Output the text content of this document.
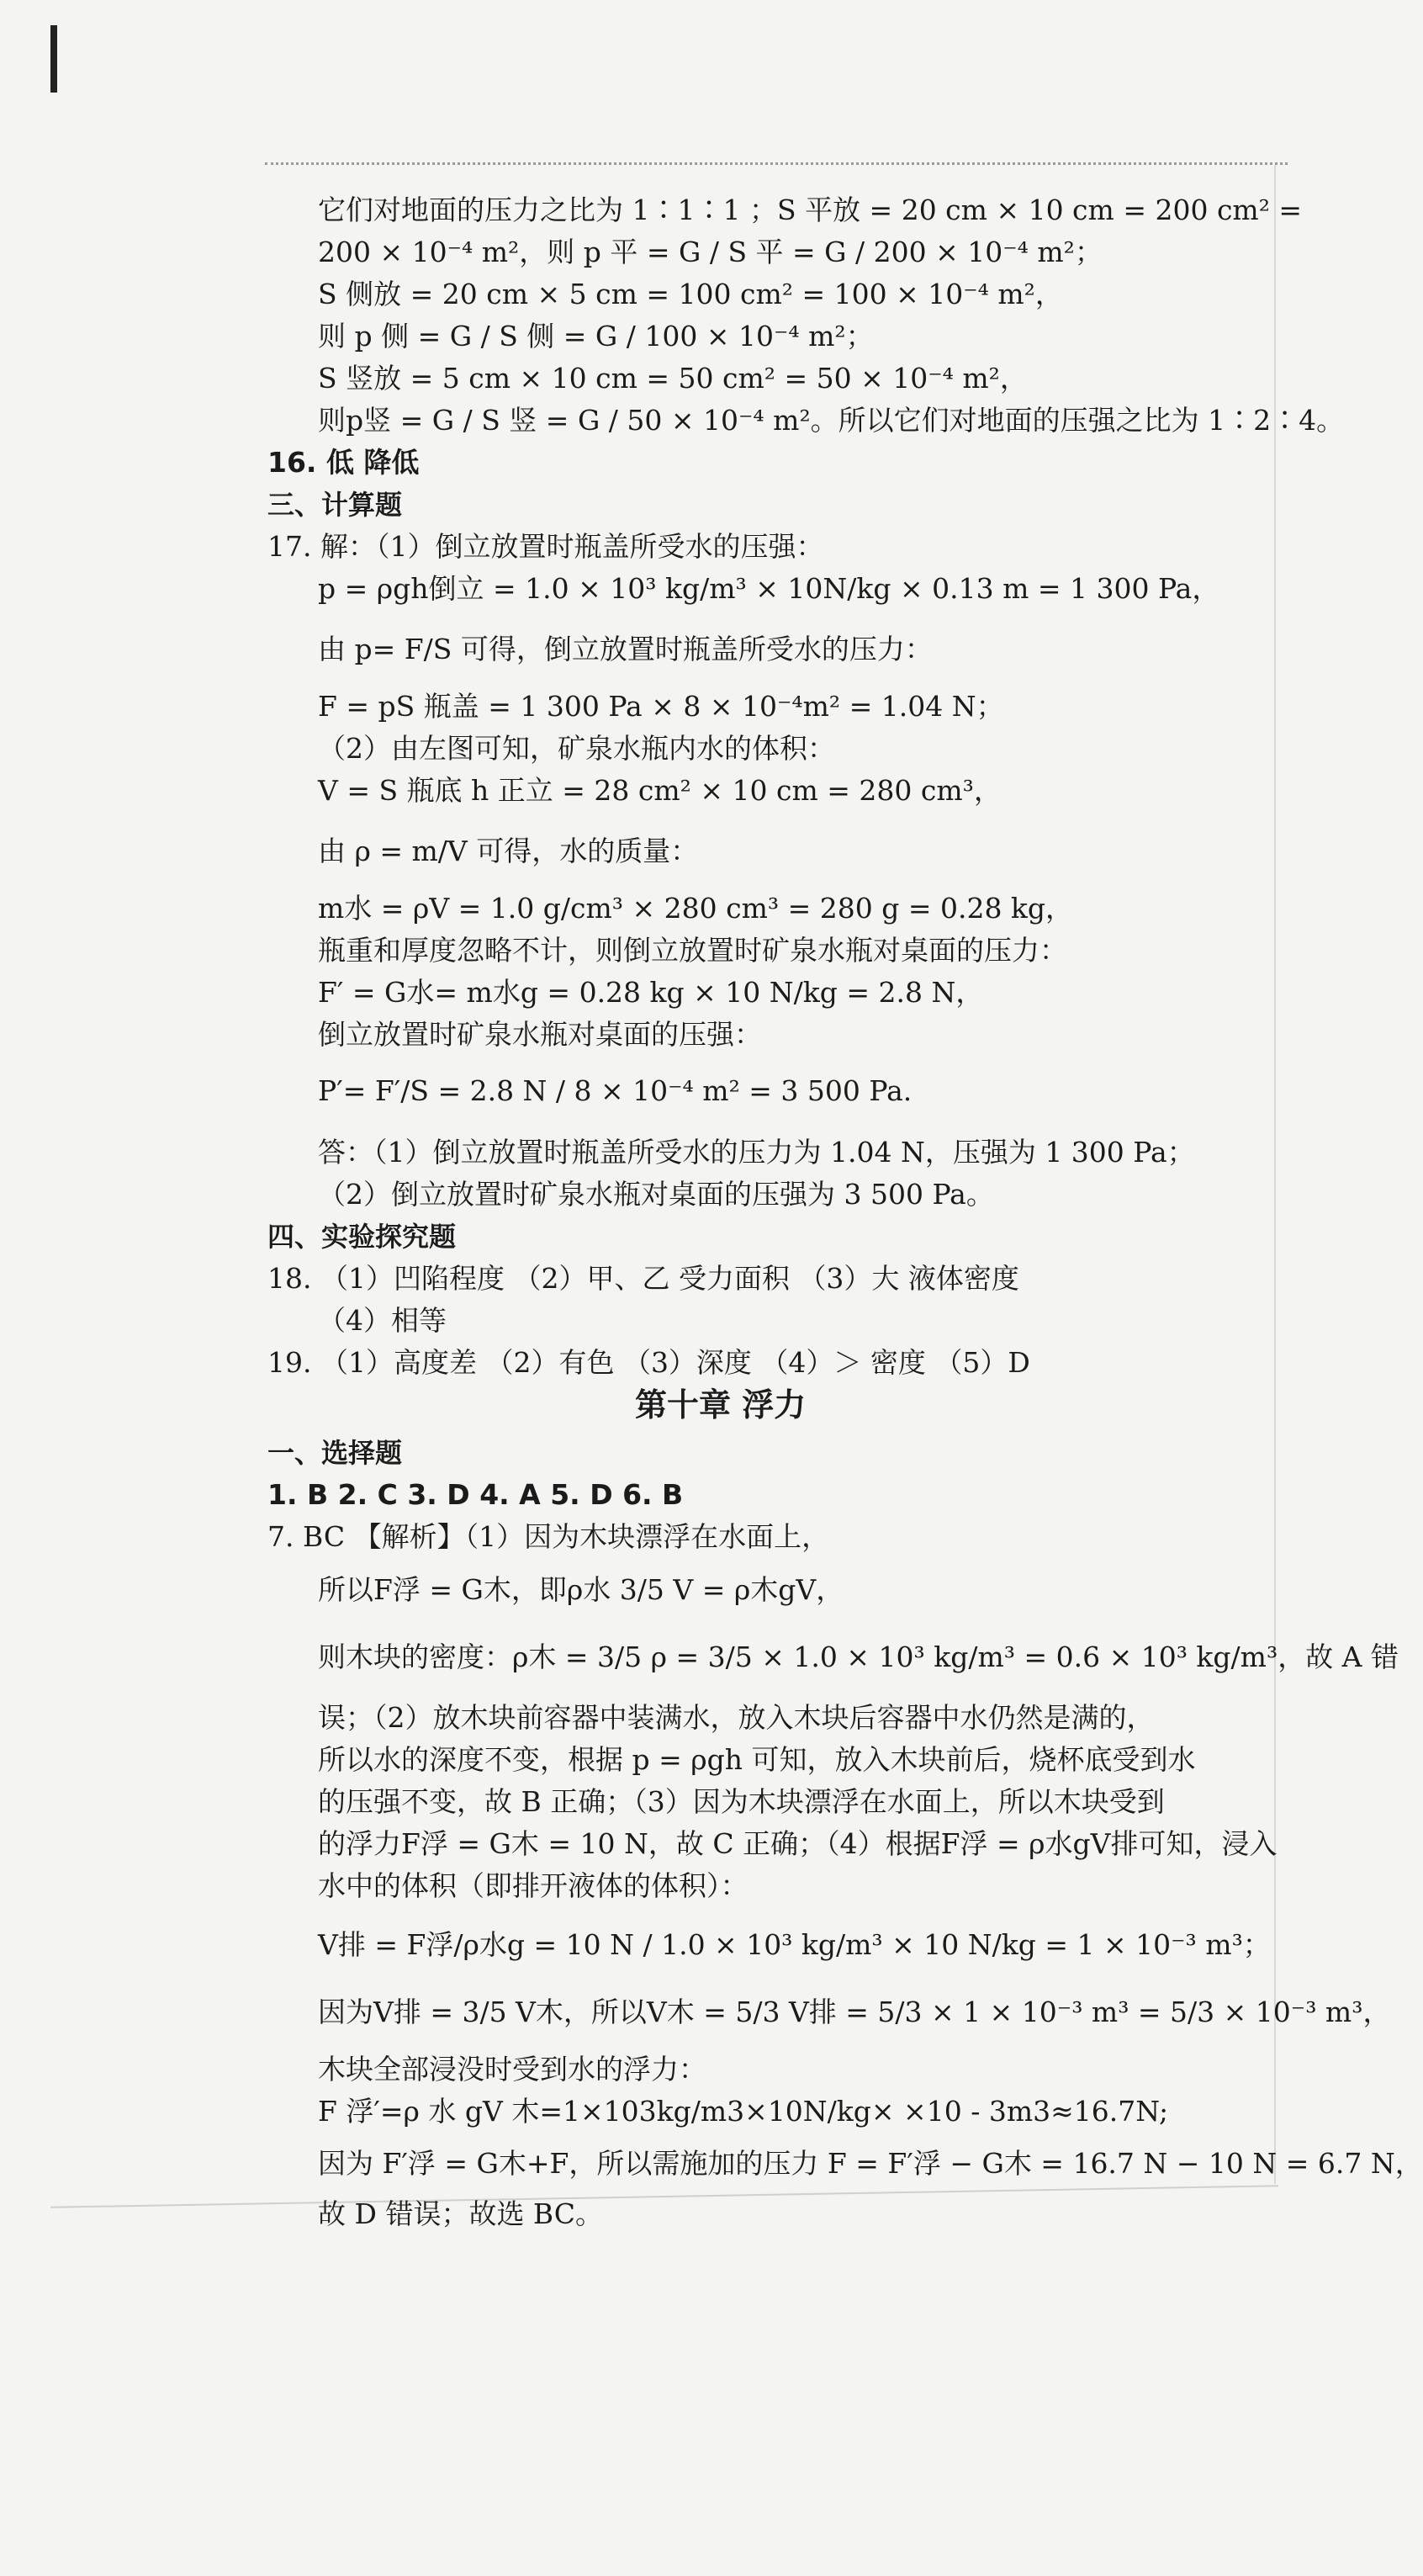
它们对地面的压力之比为 1∶1∶1 ；S 平放 = 20 cm × 10 cm = 200 cm² =
200 × 10⁻⁴ m²，则 p 平 = G / S 平 = G / 200 × 10⁻⁴ m²；
S 侧放 = 20 cm × 5 cm = 100 cm² = 100 × 10⁻⁴ m²，
则 p 侧 = G / S 侧 = G / 100 × 10⁻⁴ m²；
S 竖放 = 5 cm × 10 cm = 50 cm² = 50 × 10⁻⁴ m²，
则p竖 = G / S 竖 = G / 50 × 10⁻⁴ m²。所以它们对地面的压强之比为 1∶2∶4。
16. 低 降低
三、计算题
17. 解：（1）倒立放置时瓶盖所受水的压强：
p = ρgh倒立 = 1.0 × 10³ kg/m³ × 10N/kg × 0.13 m = 1 300 Pa，
由 p= F/S 可得，倒立放置时瓶盖所受水的压力：
F = pS 瓶盖 = 1 300 Pa × 8 × 10⁻⁴m² = 1.04 N；
（2）由左图可知，矿泉水瓶内水的体积：
V = S 瓶底 h 正立 = 28 cm² × 10 cm = 280 cm³，
由 ρ = m/V 可得，水的质量：
m水 = ρV = 1.0 g/cm³ × 280 cm³ = 280 g = 0.28 kg，
瓶重和厚度忽略不计，则倒立放置时矿泉水瓶对桌面的压力：
F′ = G水= m水g = 0.28 kg × 10 N/kg = 2.8 N，
倒立放置时矿泉水瓶对桌面的压强：
P′= F′/S = 2.8 N / 8 × 10⁻⁴ m² = 3 500 Pa.
答：（1）倒立放置时瓶盖所受水的压力为 1.04 N，压强为 1 300 Pa；
（2）倒立放置时矿泉水瓶对桌面的压强为 3 500 Pa。
四、实验探究题
18. （1）凹陷程度 （2）甲、乙 受力面积 （3）大 液体密度
（4）相等
19. （1）高度差 （2）有色 （3）深度 （4）＞ 密度 （5）D
第十章 浮力
一、选择题
1. B 2. C 3. D 4. A 5. D 6. B
7. BC 【解析】（1）因为木块漂浮在水面上，
所以F浮 = G木，即ρ水 3/5 V = ρ木gV，
则木块的密度：ρ木 = 3/5 ρ = 3/5 × 1.0 × 10³ kg/m³ = 0.6 × 10³ kg/m³，故 A 错
误；（2）放木块前容器中装满水，放入木块后容器中水仍然是满的，
所以水的深度不变，根据 p = ρgh 可知，放入木块前后，烧杯底受到水
的压强不变，故 B 正确；（3）因为木块漂浮在水面上，所以木块受到
的浮力F浮 = G木 = 10 N，故 C 正确；（4）根据F浮 = ρ水gV排可知，浸入
水中的体积（即排开液体的体积）：
V排 = F浮/ρ水g = 10 N / 1.0 × 10³ kg/m³ × 10 N/kg = 1 × 10⁻³ m³；
因为V排 = 3/5 V木，所以V木 = 5/3 V排 = 5/3 × 1 × 10⁻³ m³ = 5/3 × 10⁻³ m³，
木块全部浸没时受到水的浮力：
F 浮′=ρ 水 gV 木=1×103kg/m3×10N/kg× ×10 - 3m3≈16.7N;
因为 F′浮 = G木+F，所以需施加的压力 F = F′浮 − G木 = 16.7 N − 10 N = 6.7 N，
故 D 错误；故选 BC。
